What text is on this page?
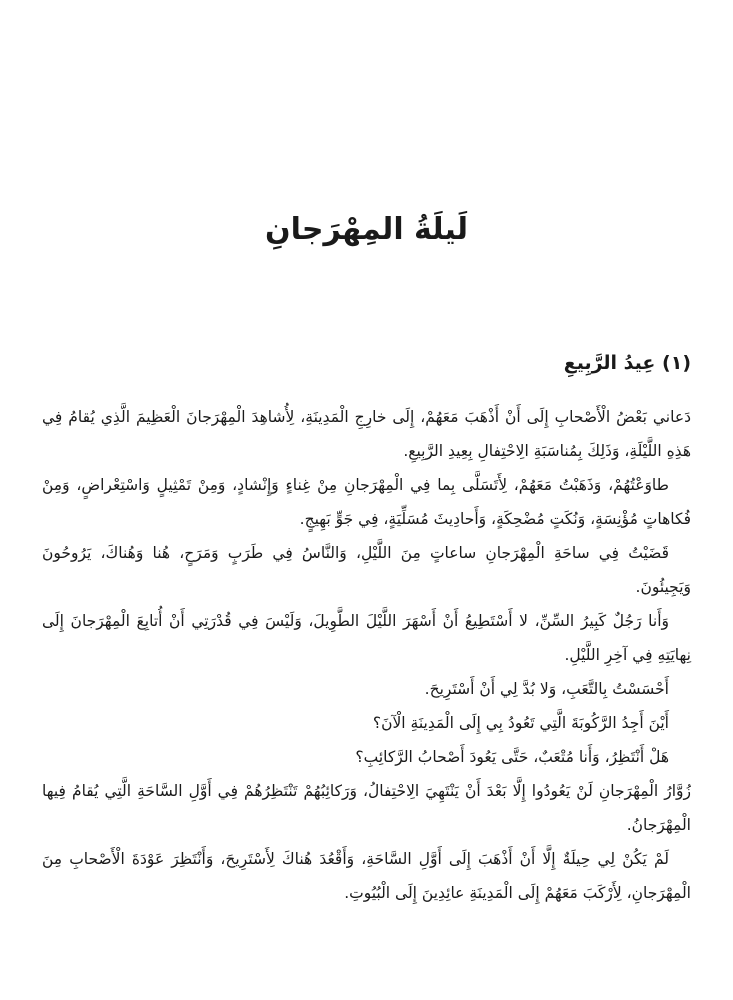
لَيلَةُ المِهْرَجانِ
(١) عِيدُ الرَّبِيعِ

دَعاني بَعْضُ الْأَصْحابِ إِلَى أَنْ أَذْهَبَ مَعَهُمْ، إِلَى خارِجِ الْمَدِينَةِ، لِأُشاهِدَ الْمِهْرَجانَ الْعَظِيمَ الَّذِي يُقامُ فِي هَذِهِ اللَّيْلَةِ، وَذَلِكَ بِمُناسَبَةِ الِاحْتِفالِ بِعِيدِ الرَّبِيعِ.

طاوَعْتُهُمْ، وَذَهَبْتُ مَعَهُمْ، لِأَتَسَلَّى بِما فِي الْمِهْرَجانِ مِنْ غِناءٍ وَإِنْشادٍ، وَمِنْ تَمْثِيلٍ وَاسْتِعْراضٍ، وَمِنْ فُكاهاتٍ مُؤْنِسَةٍ، وَنُكَتٍ مُضْحِكَةٍ، وَأَحادِيثَ مُسَلِّيَةٍ، فِي جَوٍّ بَهِيجٍ.

قَضَيْتُ فِي ساحَةِ الْمِهْرَجانِ ساعاتٍ مِنَ اللَّيْلِ، وَالنَّاسُ فِي طَرَبٍ وَمَرَحٍ، هُنا وَهُناكَ، يَرُوحُونَ وَيَجِيئُونَ.

وَأَنا رَجُلٌ كَبِيرُ السِّنِّ، لا أَسْتَطِيعُ أَنْ أَسْهَرَ اللَّيْلَ الطَّوِيلَ، وَلَيْسَ فِي قُدْرَتِي أَنْ أُتابِعَ الْمِهْرَجانَ إِلَى نِهايَتِهِ فِي آخِرِ اللَّيْلِ.

أَحْسَسْتُ بِالتَّعَبِ، وَلا بُدَّ لِي أَنْ أَسْتَرِيحَ.

أَيْنَ أَجِدُ الرَّكُوبَةَ الَّتِي تَعُودُ بِي إِلَى الْمَدِينَةِ الْآنَ؟

هَلْ أَنْتَظِرُ، وَأَنا مُتْعَبٌ، حَتَّى يَعُودَ أَصْحابُ الرَّكائِبِ؟

زُوَّارُ الْمِهْرَجانِ لَنْ يَعُودُوا إِلَّا بَعْدَ أَنْ يَنْتَهِيَ الِاحْتِفالُ، وَرَكائِبُهُمْ تَنْتَظِرُهُمْ فِي أَوَّلِ السَّاحَةِ الَّتِي يُقامُ فِيها الْمِهْرَجانُ.

لَمْ يَكُنْ لِي حِيلَةٌ إِلَّا أَنْ أَذْهَبَ إِلَى أَوَّلِ السَّاحَةِ، وَأَقْعُدَ هُناكَ لِأَسْتَرِيحَ، وَأَنْتَظِرَ عَوْدَةَ الْأَصْحابِ مِنَ الْمِهْرَجانِ، لِأَرْكَبَ مَعَهُمْ إِلَى الْمَدِينَةِ عائِدِينَ إِلَى الْبُيُوتِ.
